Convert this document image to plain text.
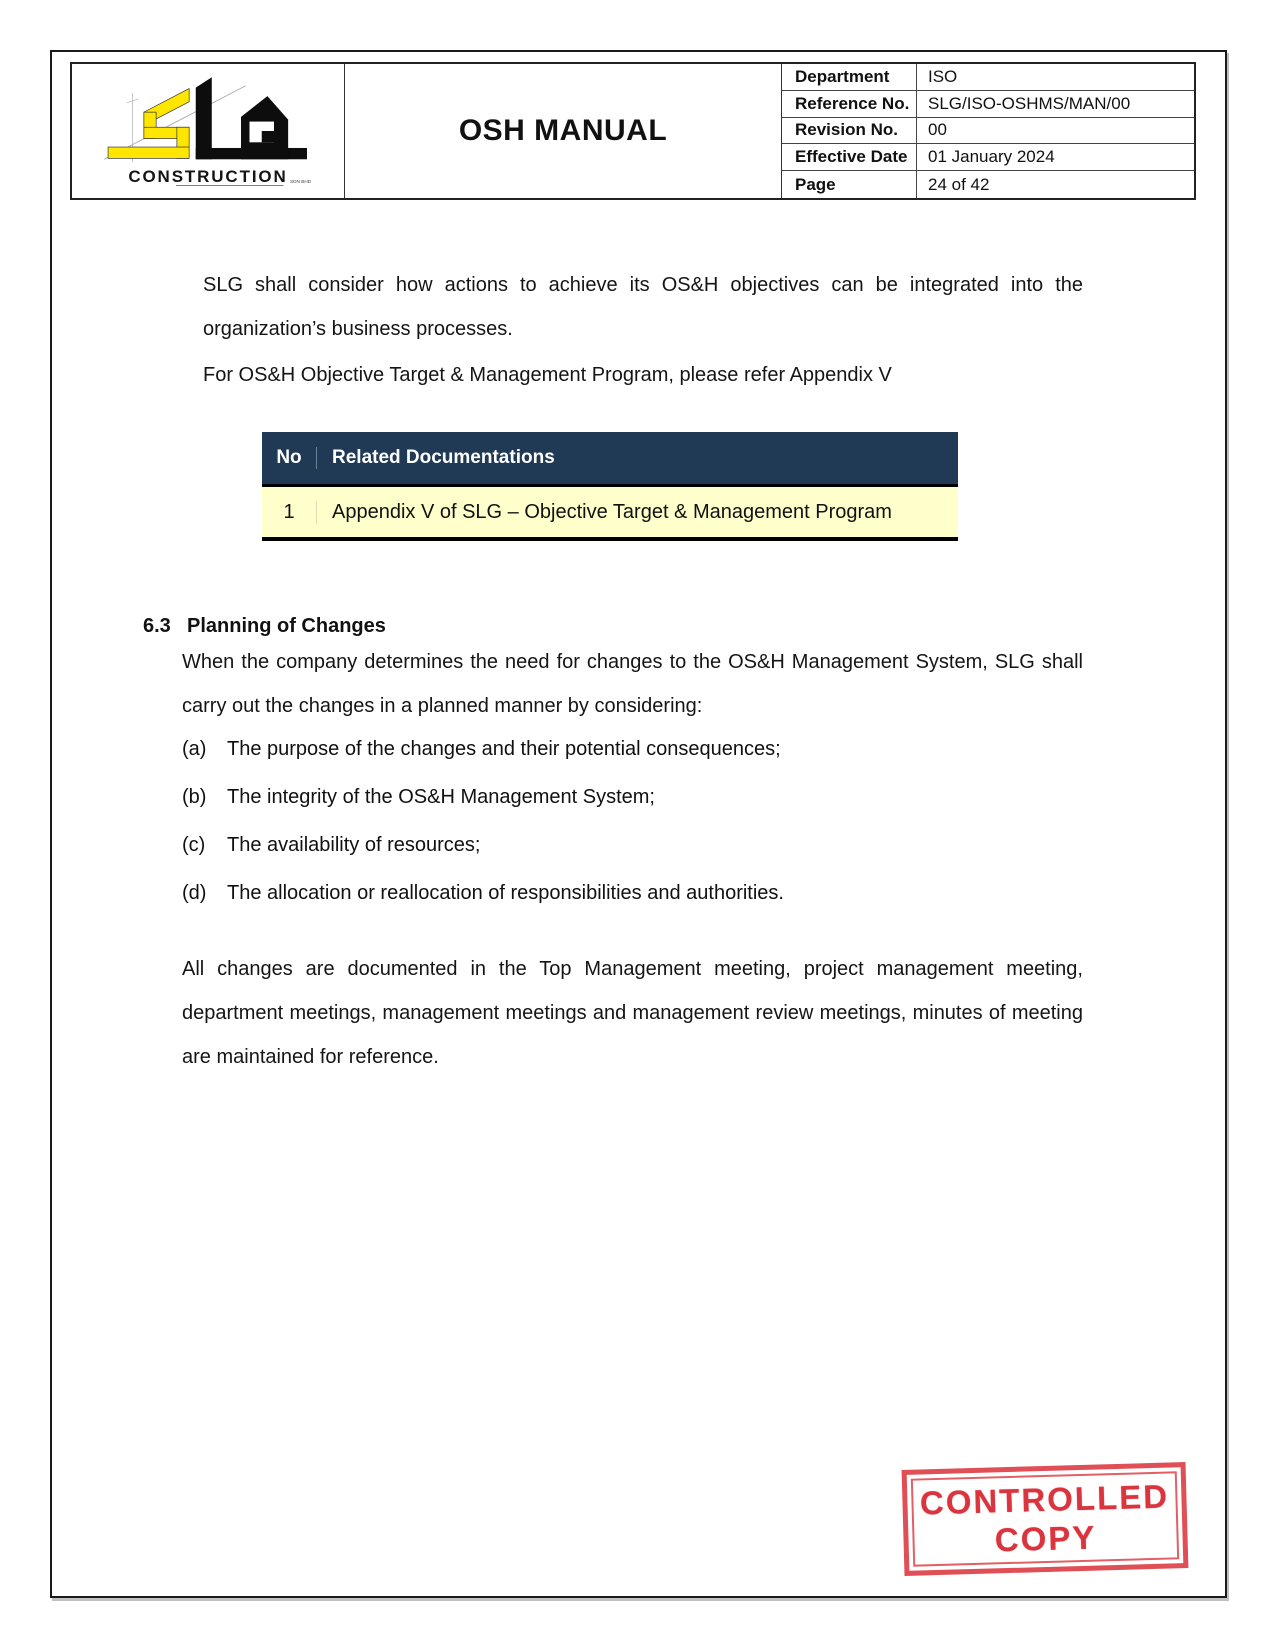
CONSTRUCTION SDN BHD
OSH MANUAL
Department	ISO
Reference No.	SLG/ISO-OSHMS/MAN/00
Revision No.	00
Effective Date	01 January 2024
Page	24 of 42
SLG shall consider how actions to achieve its OS&H objectives can be integrated into the organization’s business processes.
For OS&H Objective Target & Management Program, please refer Appendix V
No	Related Documentations
1	Appendix V of SLG – Objective Target & Management Program
6.3 Planning of Changes
When the company determines the need for changes to the OS&H Management System, SLG shall carry out the changes in a planned manner by considering:
(a)	The purpose of the changes and their potential consequences;
(b)	The integrity of the OS&H Management System;
(c)	The availability of resources;
(d)	The allocation or reallocation of responsibilities and authorities.
All changes are documented in the Top Management meeting, project management meeting, department meetings, management meetings and management review meetings, minutes of meeting are maintained for reference.
CONTROLLED
COPY
